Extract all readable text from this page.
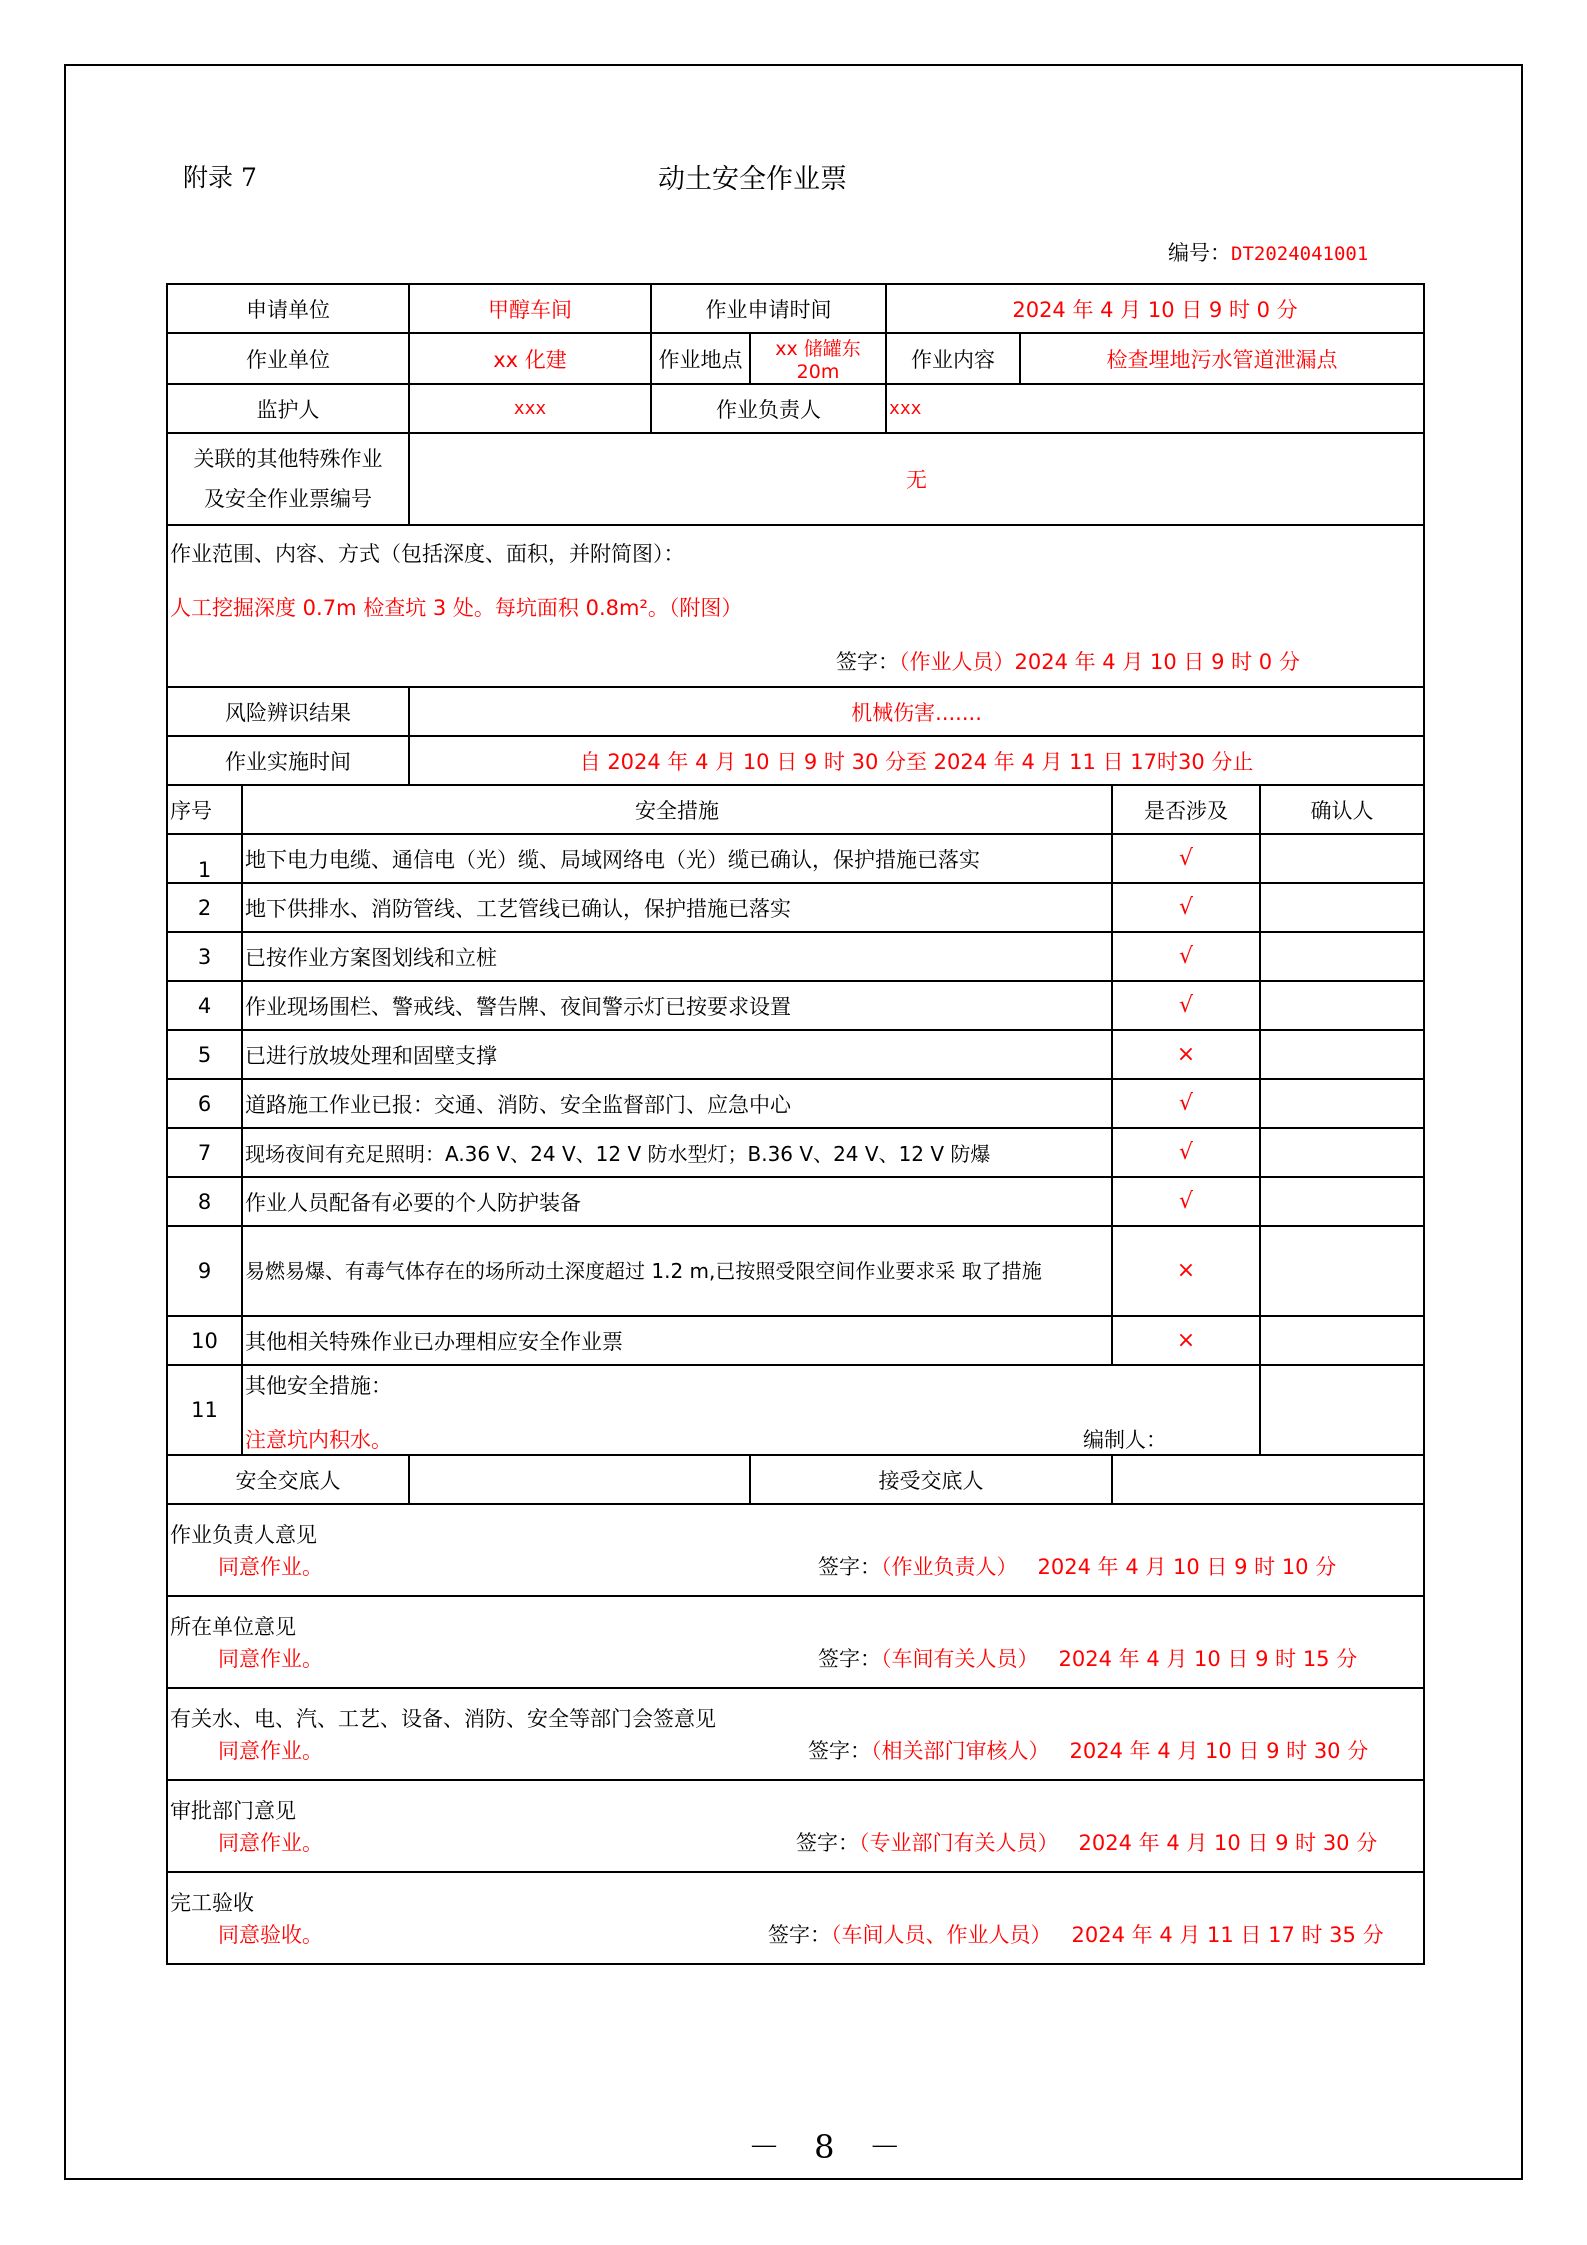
附录 7	动土安全作业票
编号：DT2024041001
申请单位		甲醇车间	作业申请时间		2024 年 4 月 10 日 9 时 0 分			
作业单位		xx 化建	作业地点	xx 储罐东 20m	作业内容	检查埋地污水管道泄漏点		
监护人		xxx	作业负责人		xxx			

关联的其他特殊作业
及安全作业票编号		无						

作业范围、内容、方式（包括深度、面积，并附简图）：
人工挖掘深度 0.7m 检查坑 3 处。每坑面积 0.8m²。（附图）
签字：（作业人员）2024 年 4 月 10 日 9 时 0 分								

风险辨识结果		机械伤害.......						
作业实施时间		自 2024 年 4 月 10 日 9 时 30 分至 2024 年 4 月 11 日 17时30 分止						
序号	安全措施						是否涉及	确认人
1	地下电力电缆、通信电（光）缆、局域网络电（光）缆已确认，保护措施已落实						√	
2	地下供排水、消防管线、工艺管线已确认，保护措施已落实						√	
3	已按作业方案图划线和立桩						√	
4	作业现场围栏、警戒线、警告牌、夜间警示灯已按要求设置						√	
5	已进行放坡处理和固壁支撑						×	
6	道路施工作业已报：交通、消防、安全监督部门、应急中心						√	
7	现场夜间有充足照明：A.36 V、24 V、12 V 防水型灯；B.36 V、24 V、12 V 防爆						√	
8	作业人员配备有必要的个人防护装备						√	
9	易燃易爆、有毒气体存在的场所动土深度超过 1.2 m,已按照受限空间作业要求采 取了措施						×	
10	其他相关特殊作业已办理相应安全作业票						×	
11	其他安全措施：
注意坑内积水。 编制人：							

安全交底人				接受交底人				

作业负责人意见
同意作业。 签字：（作业负责人） 2024 年 4 月 10 日 9 时 10 分								

所在单位意见
同意作业。 签字：（车间有关人员） 2024 年 4 月 10 日 9 时 15 分								

有关水、电、汽、工艺、设备、消防、安全等部门会签意见
同意作业。 签字：（相关部门审核人） 2024 年 4 月 10 日 9 时 30 分								

审批部门意见
同意作业。 签字：（专业部门有关人员） 2024 年 4 月 10 日 9 时 30 分								

完工验收
同意验收。 签字：（车间人员、作业人员） 2024 年 4 月 11 日 17 时 35 分								
－ 8 －
